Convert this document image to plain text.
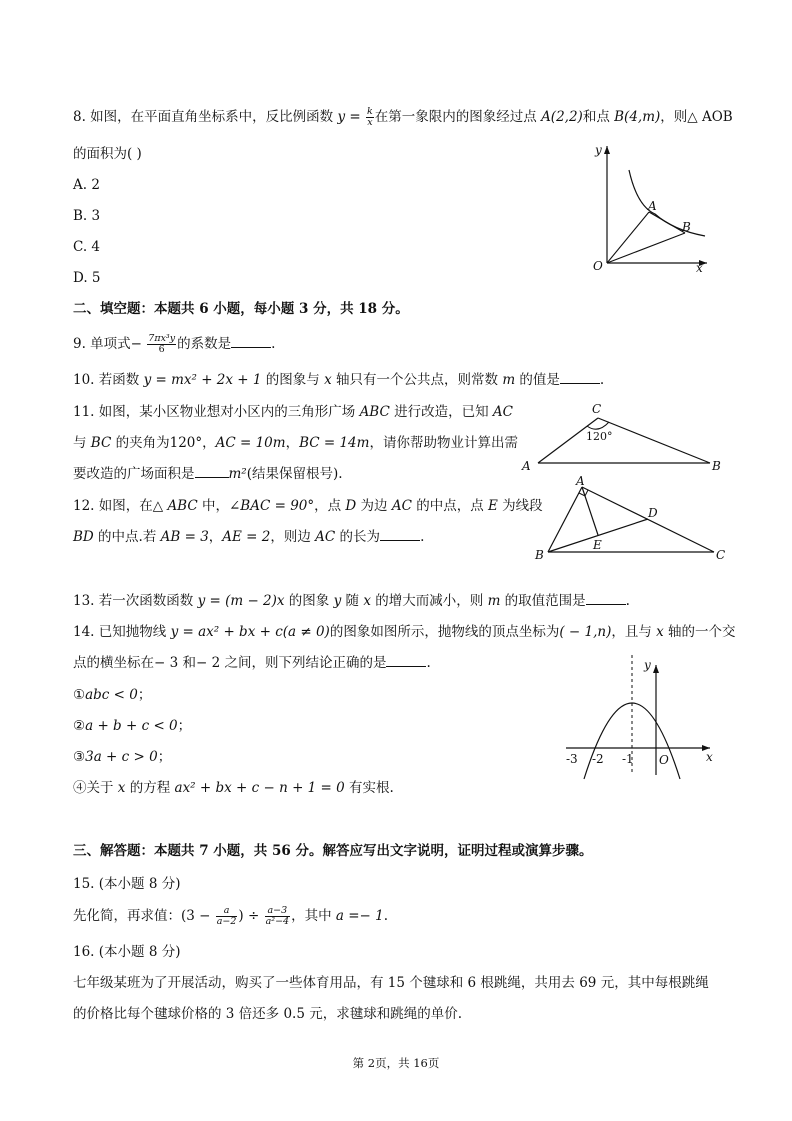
8. 如图，在平面直角坐标系中，反比例函数 $y = \frac{k}{x}$ 在第一象限内的图象经过点 A(2,2)和点 B(4,m)，则△ AOB
的面积为( )
A. 2
B. 3
C. 4
D. 5
y
A
B
O	x
二、填空题：本题共 6 小题，每小题 3 分，共 18 分。
9. 单项式− $\frac{\text{7πx³y}}{6}$ 的系数是	.
10. 若函数 y = mx² + 2x + 1 的图象与 x 轴只有一个公共点，则常数 m 的值是	.
11. 如图，某小区物业想对小区内的三角形广场 ABC 进行改造，已知 AC
与 BC 的夹角为120°，AC = 10m，BC = 14m，请你帮助物业计算出需
要改造的广场面积是	m²(结果保留根号).
C
120°
A	B
12. 如图，在△ ABC 中，∠BAC = 90°，点 D 为边 AC 的中点，点 E 为线段
BD 的中点.若 AB = 3，AE = 2，则边 AC 的长为	.
A
D
E
B	C
13. 若一次函数函数 y = (m − 2)x 的图象 y 随 x 的增大而减小，则 m 的取值范围是	.
14. 已知抛物线 y = ax² + bx + c(a ≠ 0)的图象如图所示，抛物线的顶点坐标为( − 1,n)，且与 x 轴的一个交
点的横坐标在− 3 和− 2 之间，则下列结论正确的是	.
①abc < 0；
②a + b + c < 0；
③3a + c > 0；
④关于 x 的方程 ax² + bx + c − n + 1 = 0 有实根.
y
-3 -2 -1 O	x
三、解答题：本题共 7 小题，共 56 分。解答应写出文字说明，证明过程或演算步骤。
15. (本小题 8 分)
先化简，再求值：($3 - \frac{a}{a-2}$ ) ÷ $\frac{a-3}{\text{a²−4}}$ ，其中 a =− 1.
16. (本小题 8 分)
七年级某班为了开展活动，购买了一些体育用品，有 15 个毽球和 6 根跳绳，共用去 69 元，其中每根跳绳
的价格比每个毽球价格的 3 倍还多 0.5 元，求毽球和跳绳的单价.
第 2页，共 16页
